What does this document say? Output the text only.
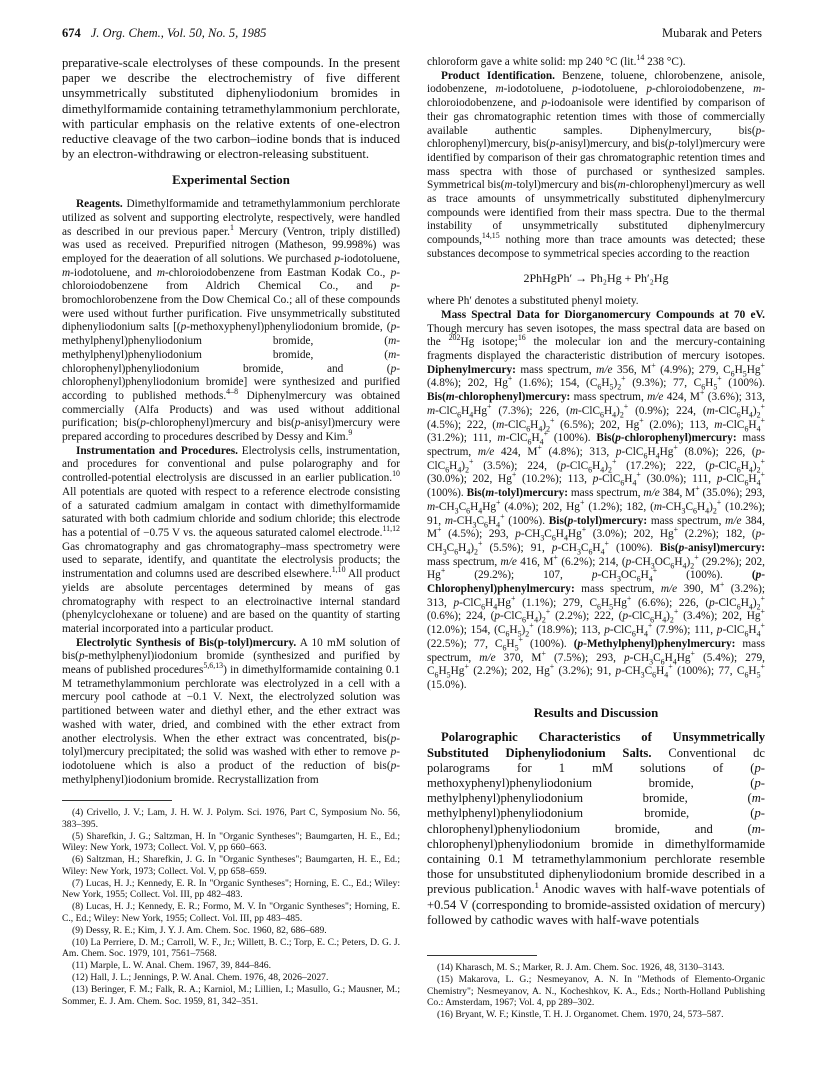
674 J. Org. Chem., Vol. 50, No. 5, 1985	Mubarak and Peters

preparative-scale electrolyses of these compounds. In the present paper we describe the electrochemistry of five different unsymmetrically substituted diphenyliodonium bromides in dimethylformamide containing tetramethylammonium perchlorate, with particular emphasis on the relative extents of one-electron reductive cleavage of the two carbon–iodine bonds that is induced by an electron-withdrawing or electron-releasing substituent.

Experimental Section

Reagents. Dimethylformamide and tetramethylammonium perchlorate utilized as solvent and supporting electrolyte, respectively, were handled as described in our previous paper.$^1$ Mercury (Ventron, triply distilled) was used as received. Prepurified nitrogen (Matheson, 99.998%) was employed for the deaeration of all solutions. We purchased p-iodotoluene, m-iodotoluene, and m-chloroiodobenzene from Eastman Kodak Co., p-chloroiodobenzene from Aldrich Chemical Co., and p-bromochlorobenzene from the Dow Chemical Co.; all of these compounds were used without further purification. Five unsymmetrically substituted diphenyliodonium salts [(p-methoxyphenyl)phenyliodonium bromide, (p-methylphenyl)phenyliodonium bromide, (m-methylphenyl)phenyliodonium bromide, (m-chlorophenyl)phenyliodonium bromide, and (p-chlorophenyl)phenyliodonium bromide] were synthesized and purified according to published methods.$^{4-8}$ Diphenylmercury was obtained commercially (Alfa Products) and was used without additional purification; bis(p-chlorophenyl)mercury and bis(p-anisyl)mercury were prepared according to procedures described by Dessy and Kim.$^9$

Instrumentation and Procedures. Electrolysis cells, instrumentation, and procedures for conventional and pulse polarography and for controlled-potential electrolysis are discussed in an earlier publication.$^{10}$ All potentials are quoted with respect to a reference electrode consisting of a saturated cadmium amalgam in contact with dimethylformamide saturated with both cadmium chloride and sodium chloride; this electrode has a potential of −0.75 V vs. the aqueous saturated calomel electrode.$^{11,12}$ Gas chromatography and gas chromatography–mass spectrometry were used to separate, identify, and quantitate the electrolysis products; the instrumentation and columns used are described elsewhere.$^{1,10}$ All product yields are absolute percentages determined by means of gas chromatography with respect to an electroinactive internal standard (phenylcyclohexane or toluene) and are based on the quantity of starting material incorporated into a particular product.

Electrolytic Synthesis of Bis(p-tolyl)mercury. A 10 mM solution of bis(p-methylphenyl)iodonium bromide (synthesized and purified by means of published procedures$^{5,6,13}$) in dimethylformamide containing 0.1 M tetramethylammonium perchlorate was electrolyzed in a cell with a mercury pool cathode at −0.1 V. Next, the electrolyzed solution was partitioned between water and diethyl ether, and the ether extract was washed with water, dried, and combined with the ether extract from another electrolysis. When the ether extract was concentrated, bis(p-tolyl)mercury precipitated; the solid was washed with ether to remove p-iodotoluene which is also a product of the reduction of bis(p-methylphenyl)iodonium bromide. Recrystallization from

(4) Crivello, J. V.; Lam, J. H. W. J. Polym. Sci. 1976, Part C, Symposium No. 56, 383–395.

(5) Sharefkin, J. G.; Saltzman, H. In "Organic Syntheses"; Baumgarten, H. E., Ed.; Wiley: New York, 1973; Collect. Vol. V, pp 660–663.

(6) Saltzman, H.; Sharefkin, J. G. In "Organic Syntheses"; Baumgarten, H. E., Ed.; Wiley: New York, 1973; Collect. Vol. V, pp 658–659.

(7) Lucas, H. J.; Kennedy, E. R. In "Organic Syntheses"; Horning, E. C., Ed.; Wiley: New York, 1955; Collect. Vol. III, pp 482–483.

(8) Lucas, H. J.; Kennedy, E. R.; Formo, M. V. In "Organic Syntheses"; Horning, E. C., Ed.; Wiley: New York, 1955; Collect. Vol. III, pp 483–485.

(9) Dessy, R. E.; Kim, J. Y. J. Am. Chem. Soc. 1960, 82, 686–689.

(10) La Perriere, D. M.; Carroll, W. F., Jr.; Willett, B. C.; Torp, E. C.; Peters, D. G. J. Am. Chem. Soc. 1979, 101, 7561–7568.

(11) Marple, L. W. Anal. Chem. 1967, 39, 844–846.

(12) Hall, J. L.; Jennings, P. W. Anal. Chem. 1976, 48, 2026–2027.

(13) Beringer, F. M.; Falk, R. A.; Karniol, M.; Lillien, I.; Masullo, G.; Mausner, M.; Sommer, E. J. Am. Chem. Soc. 1959, 81, 342–351.

chloroform gave a white solid: mp 240 °C (lit.$^{14}$ 238 °C).

Product Identification. Benzene, toluene, chlorobenzene, anisole, iodobenzene, m-iodotoluene, p-iodotoluene, p-chloroiodobenzene, m-chloroiodobenzene, and p-iodoanisole were identified by comparison of their gas chromatographic retention times with those of commercially available authentic samples. Diphenylmercury, bis(p-chlorophenyl)mercury, bis(p-anisyl)mercury, and bis(p-tolyl)mercury were identified by comparison of their gas chromatographic retention times and mass spectra with those of purchased or synthesized samples. Symmetrical bis(m-tolyl)mercury and bis(m-chlorophenyl)mercury as well as trace amounts of unsymmetrically substituted diphenylmercury compounds were identified from their mass spectra. Due to the thermal instability of unsymmetrically substituted diphenylmercury compounds,$^{14,15}$ nothing more than trace amounts was detected; these substances decompose to symmetrical species according to the reaction

2PhHgPh′ → Ph₂Hg + Ph′₂Hg

where Ph′ denotes a substituted phenyl moiety.

Mass Spectral Data for Diorganomercury Compounds at 70 eV. Though mercury has seven isotopes, the mass spectral data are based on the $^{202}$Hg isotope;$^{16}$ the molecular ion and the mercury-containing fragments displayed the characteristic distribution of mercury isotopes. Diphenylmercury: mass spectrum, m/e 356, M+ (4.9%); 279, $C_6H_5Hg^+$ (4.8%); 202, Hg+ (1.6%); 154, $(C_6H_5)_2^+$ (9.3%); 77, $C_6H_5^+$ (100%). Bis(m-chlorophenyl)mercury: mass spectrum, m/e 424, M+ (3.6%); 313, $m-ClC_6H_4Hg^+$ (7.3%); 226, $(m-ClC_6H_4)_2^+$ (0.9%); 224, $(m-ClC_6H_4)_2^+$ (4.5%); 222, $(m-ClC_6H_4)_2^+$ (6.5%); 202, Hg+ (2.0%); 113, $m-ClC_6H_4^+$ (31.2%); 111, $m-ClC_6H_4^+$ (100%). Bis(p-chlorophenyl)mercury: mass spectrum, m/e 424, M+ (4.8%); 313, $p-ClC_6H_4Hg^+$ (8.0%); 226, $(p-ClC_6H_4)_2^+$ (3.5%); 224, $(p-ClC_6H_4)_2^+$ (17.2%); 222, $(p-ClC_6H_4)_2^+$ (30.0%); 202, Hg+ (10.2%); 113, $p-ClC_6H_4^+$ (30.0%); 111, $p-ClC_6H_4^+$ (100%). Bis(m-tolyl)mercury: mass spectrum, m/e 384, M+ (35.0%); 293, $m-CH_3C_6H_4Hg^+$ (4.0%); 202, Hg+ (1.2%); 182, $(m-CH_3C_6H_4)_2^+$ (10.2%); 91, $m-CH_3C_6H_4^+$ (100%). Bis(p-tolyl)mercury: mass spectrum, m/e 384, M+ (4.5%); 293, $p-CH_3C_6H_4Hg^+$ (3.0%); 202, Hg+ (2.2%); 182, $(p-CH_3C_6H_4)_2^+$ (5.5%); 91, $p-CH_3C_6H_4^+$ (100%). Bis(p-anisyl)mercury: mass spectrum, m/e 416, M+ (6.2%); 214, $(p-CH_3OC_6H_4)_2^+$ (29.2%); 202, Hg+ (29.2%); 107, $p-CH_3OC_6H_4^+$ (100%). (p-Chlorophenyl)phenylmercury: mass spectrum, m/e 390, M+ (3.2%); 313, $p-ClC_6H_4Hg^+$ (1.1%); 279, $C_6H_5Hg^+$ (6.6%); 226, $(p-ClC_6H_4)_2^+$ (0.6%); 224, $(p-ClC_6H_4)_2^+$ (2.2%); 222, $(p-ClC_6H_4)_2^+$ (3.4%); 202, Hg+ (12.0%); 154, $(C_6H_5)_2^+$ (18.9%); 113, $p-ClC_6H_4^+$ (7.9%); 111, $p-ClC_6H_4^+$ (22.5%); 77, $C_6H_5^+$ (100%). (p-Methylphenyl)phenylmercury: mass spectrum, m/e 370, M+ (7.5%); 293, $p-CH_3C_6H_4Hg^+$ (5.4%); 279, $C_6H_5Hg^+$ (2.2%); 202, Hg+ (3.2%); 91, $p-CH_3C_6H_4^+$ (100%); 77, $C_6H_5^+$ (15.0%).

Results and Discussion

Polarographic Characteristics of Unsymmetrically Substituted Diphenyliodonium Salts. Conventional dc polarograms for 1 mM solutions of (p-methoxyphenyl)phenyliodonium bromide, (p-methylphenyl)phenyliodonium bromide, (m-methylphenyl)phenyliodonium bromide, (p-chlorophenyl)phenyliodonium bromide, and (m-chlorophenyl)phenyliodonium bromide in dimethylformamide containing 0.1 M tetramethylammonium perchlorate resemble those for unsubstituted diphenyliodonium bromide described in a previous publication.$^1$ Anodic waves with half-wave potentials of +0.54 V (corresponding to bromide-assisted oxidation of mercury) followed by cathodic waves with half-wave potentials

(14) Kharasch, M. S.; Marker, R. J. Am. Chem. Soc. 1926, 48, 3130–3143.

(15) Makarova, L. G.; Nesmeyanov, A. N. In "Methods of Elemento-Organic Chemistry"; Nesmeyanov, A. N., Kocheshkov, K. A., Eds.; North-Holland Publishing Co.: Amsterdam, 1967; Vol. 4, pp 289–302.

(16) Bryant, W. F.; Kinstle, T. H. J. Organomet. Chem. 1970, 24, 573–587.
